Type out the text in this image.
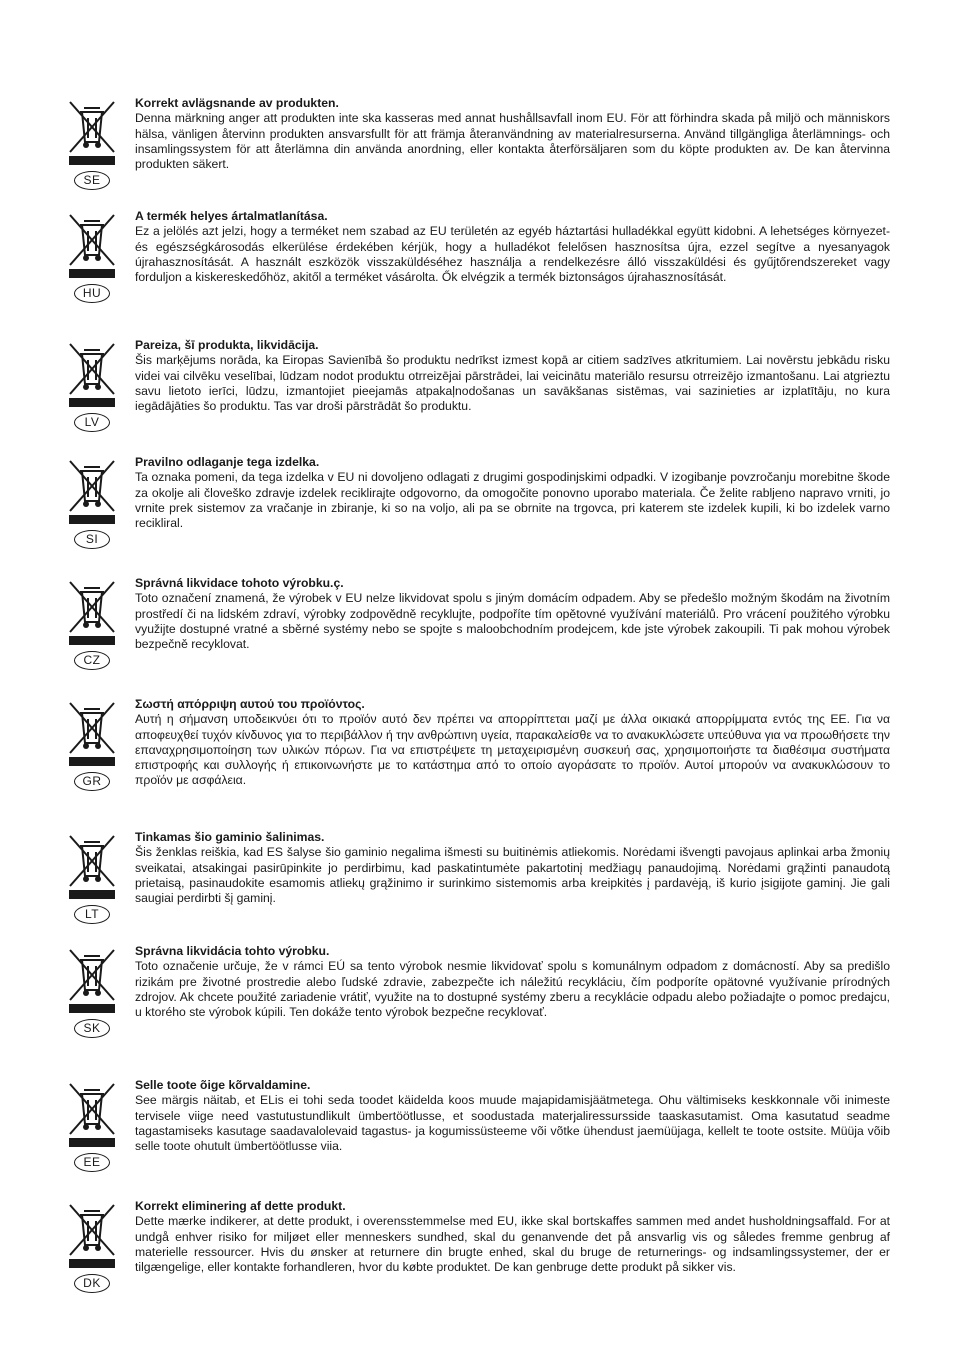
SE

Korrekt avlägsnande av produkten.

Denna märkning anger att produkten inte ska kasseras med annat hushållsavfall inom EU. För att förhindra skada på miljö och människors hälsa, vänligen återvinn produkten ansvarsfullt för att främja återanvändning av materialresurserna. Använd tillgängliga återlämnings- och insamlingssystem för att återlämna din använda anordning, eller kontakta återförsäljaren som du köpte produkten av. De kan återvinna produkten säkert.

HU

A termék helyes ártalmatlanítása.

Ez a jelölés azt jelzi, hogy a terméket nem szabad az EU területén az egyéb háztartási hulladékkal együtt kidobni. A lehetséges környezet- és egészségkárosodás elkerülése érdekében kérjük, hogy a hulladékot felelősen hasznosítsa újra, ezzel segítve a nyesanyagok újrahasznosítását. A használt eszközök visszaküldéséhez használja a rendelkezésre álló visszaküldési és gyűjtőrendszereket vagy forduljon a kiskereskedőhöz, akitől a terméket vásárolta. Ők elvégzik a termék biztonságos újrahasznosítását.

LV

Pareiza, šī produkta, likvidācija.

Šis marķējums norāda, ka Eiropas Savienībā šo produktu nedrīkst izmest kopā ar citiem sadzīves atkritumiem. Lai novērstu jebkādu risku videi vai cilvēku veselībai, lūdzam nodot produktu otrreizējai pārstrādei, lai veicinātu materiālo resursu otrreizējo izmantošanu. Lai atgrieztu savu lietoto ierīci, lūdzu, izmantojiet pieejamās atpakaļnodošanas un savākšanas sistēmas, vai sazinieties ar izplatītāju, no kura iegādājāties šo produktu. Tas var droši pārstrādāt šo produktu.

SI

Pravilno odlaganje tega izdelka.

Ta oznaka pomeni, da tega izdelka v EU ni dovoljeno odlagati z drugimi gospodinjskimi odpadki. V izogibanje povzročanju morebitne škode za okolje ali človeško zdravje izdelek reciklirajte odgovorno, da omogočite ponovno uporabo materiala. Če želite rabljeno napravo vrniti, jo vrnite prek sistemov za vračanje in zbiranje, ki so na voljo, ali pa se obrnite na trgovca, pri katerem ste izdelek kupili, ki bo izdelek varno recikliral.

CZ

Správná likvidace tohoto výrobku.ç.

Toto označení znamená, že výrobek v EU nelze likvidovat spolu s jiným domácím odpadem. Aby se předešlo možným škodám na životním prostředí či na lidském zdraví, výrobky zodpovědně recyklujte, podpoříte tím opětovné využívání materiálů. Pro vrácení použitého výrobku využijte dostupné vratné a sběrné systémy nebo se spojte s maloobchodním prodejcem, kde jste výrobek zakoupili. Ti pak mohou výrobek bezpečně recyklovat.

GR

Σωστή απόρριψη αυτού του προϊόντος.

Αυτή η σήμανση υποδεικνύει ότι το προϊόν αυτό δεν πρέπει να απορρίπτεται μαζί με άλλα οικιακά απορρίμματα εντός της ΕΕ. Για να αποφευχθεί τυχόν κίνδυνος για το περιβάλλον ή την ανθρώπινη υγεία, παρακαλείσθε να το ανακυκλώσετε υπεύθυνα για να προωθήσετε την επαναχρησιμοποίηση των υλικών πόρων. Για να επιστρέψετε τη μεταχειρισμένη συσκευή σας, χρησιμοποιήστε τα διαθέσιμα συστήματα επιστροφής και συλλογής ή επικοινωνήστε με το κατάστημα από το οποίο αγοράσατε το προϊόν. Αυτοί μπορούν να ανακυκλώσουν το προϊόν με ασφάλεια.

LT

Tinkamas šio gaminio šalinimas.

Šis ženklas reiškia, kad ES šalyse šio gaminio negalima išmesti su buitinėmis atliekomis. Norėdami išvengti pavojaus aplinkai arba žmonių sveikatai, atsakingai pasirūpinkite jo perdirbimu, kad paskatintumėte pakartotinį medžiagų panaudojimą. Norėdami grąžinti panaudotą prietaisą, pasinaudokite esamomis atliekų grąžinimo ir surinkimo sistemomis arba kreipkitės į pardavėją, iš kurio įsigijote gaminį. Jie gali saugiai perdirbti šį gaminį.

SK

Správna likvidácia tohto výrobku.

Toto označenie určuje, že v rámci EÚ sa tento výrobok nesmie likvidovať spolu s komunálnym odpadom z domácností. Aby sa predišlo rizikám pre životné prostredie alebo ľudské zdravie, zabezpečte ich náležitú recykláciu, čím podporíte opätovné využívanie prírodných zdrojov. Ak chcete použité zariadenie vrátiť, využite na to dostupné systémy zberu a recyklácie odpadu alebo požiadajte o pomoc predajcu, u ktorého ste výrobok kúpili. Ten dokáže tento výrobok bezpečne recyklovať.

EE

Selle toote õige kõrvaldamine.

See märgis näitab, et ELis ei tohi seda toodet käidelda koos muude majapidamisjäätmetega. Ohu vältimiseks keskkonnale või inimeste tervisele viige need vastutustundlikult ümbertöötlusse, et soodustada materjaliressursside taaskasutamist. Oma kasutatud seadme tagastamiseks kasutage saadavalolevaid tagastus- ja kogumissüsteeme või võtke ühendust jaemüüjaga, kellelt te toote ostsite. Müüja võib selle toote ohutult ümbertöötlusse viia.

DK

Korrekt eliminering af dette produkt.

Dette mærke indikerer, at dette produkt, i overensstemmelse med EU, ikke skal bortskaffes sammen med andet husholdningsaffald. For at undgå enhver risiko for miljøet eller menneskers sundhed, skal du genanvende det på ansvarlig vis og således fremme genbrug af materielle ressourcer. Hvis du ønsker at returnere din brugte enhed, skal du bruge de returnerings- og indsamlingssystemer, der er tilgængelige, eller kontakte forhandleren, hvor du købte produktet. De kan genbruge dette produkt på sikker vis.
